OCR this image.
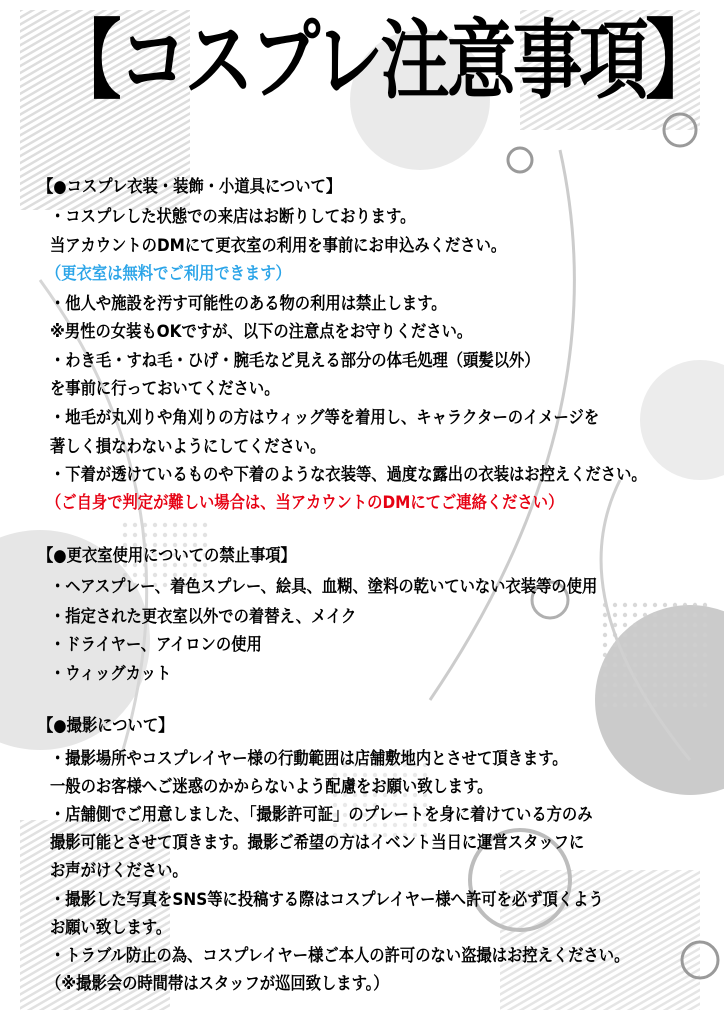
【コスプレ注意事項】
【●コスプレ衣装・装飾・小道具について】
・コスプレした状態での来店はお断りしております。
当アカウントのDMにて更衣室の利用を事前にお申込みください。
（更衣室は無料でご利用できます）
・他人や施設を汚す可能性のある物の利用は禁止します。
※男性の女装もOKですが、以下の注意点をお守りください。
・わき毛・すね毛・ひげ・腕毛など見える部分の体毛処理（頭髪以外）
を事前に行っておいてください。
・地毛が丸刈りや角刈りの方はウィッグ等を着用し、キャラクターのイメージを
著しく損なわないようにしてください。
・下着が透けているものや下着のような衣装等、過度な露出の衣装はお控えください。
（ご自身で判定が難しい場合は、当アカウントのDMにてご連絡ください）
【●更衣室使用についての禁止事項】
・ヘアスプレー、着色スプレー、絵具、血糊、塗料の乾いていない衣装等の使用
・指定された更衣室以外での着替え、メイク
・ドライヤー、アイロンの使用
・ウィッグカット
【●撮影について】
・撮影場所やコスプレイヤー様の行動範囲は店舗敷地内とさせて頂きます。
一般のお客様へご迷惑のかからないよう配慮をお願い致します。
・店舗側でご用意しました、「撮影許可証」のプレートを身に着けている方のみ
撮影可能とさせて頂きます。撮影ご希望の方はイベント当日に運営スタッフに
お声がけください。
・撮影した写真をSNS等に投稿する際はコスプレイヤー様へ許可を必ず頂くよう
お願い致します。
・トラブル防止の為、コスプレイヤー様ご本人の許可のない盗撮はお控えください。
（※撮影会の時間帯はスタッフが巡回致します。）
